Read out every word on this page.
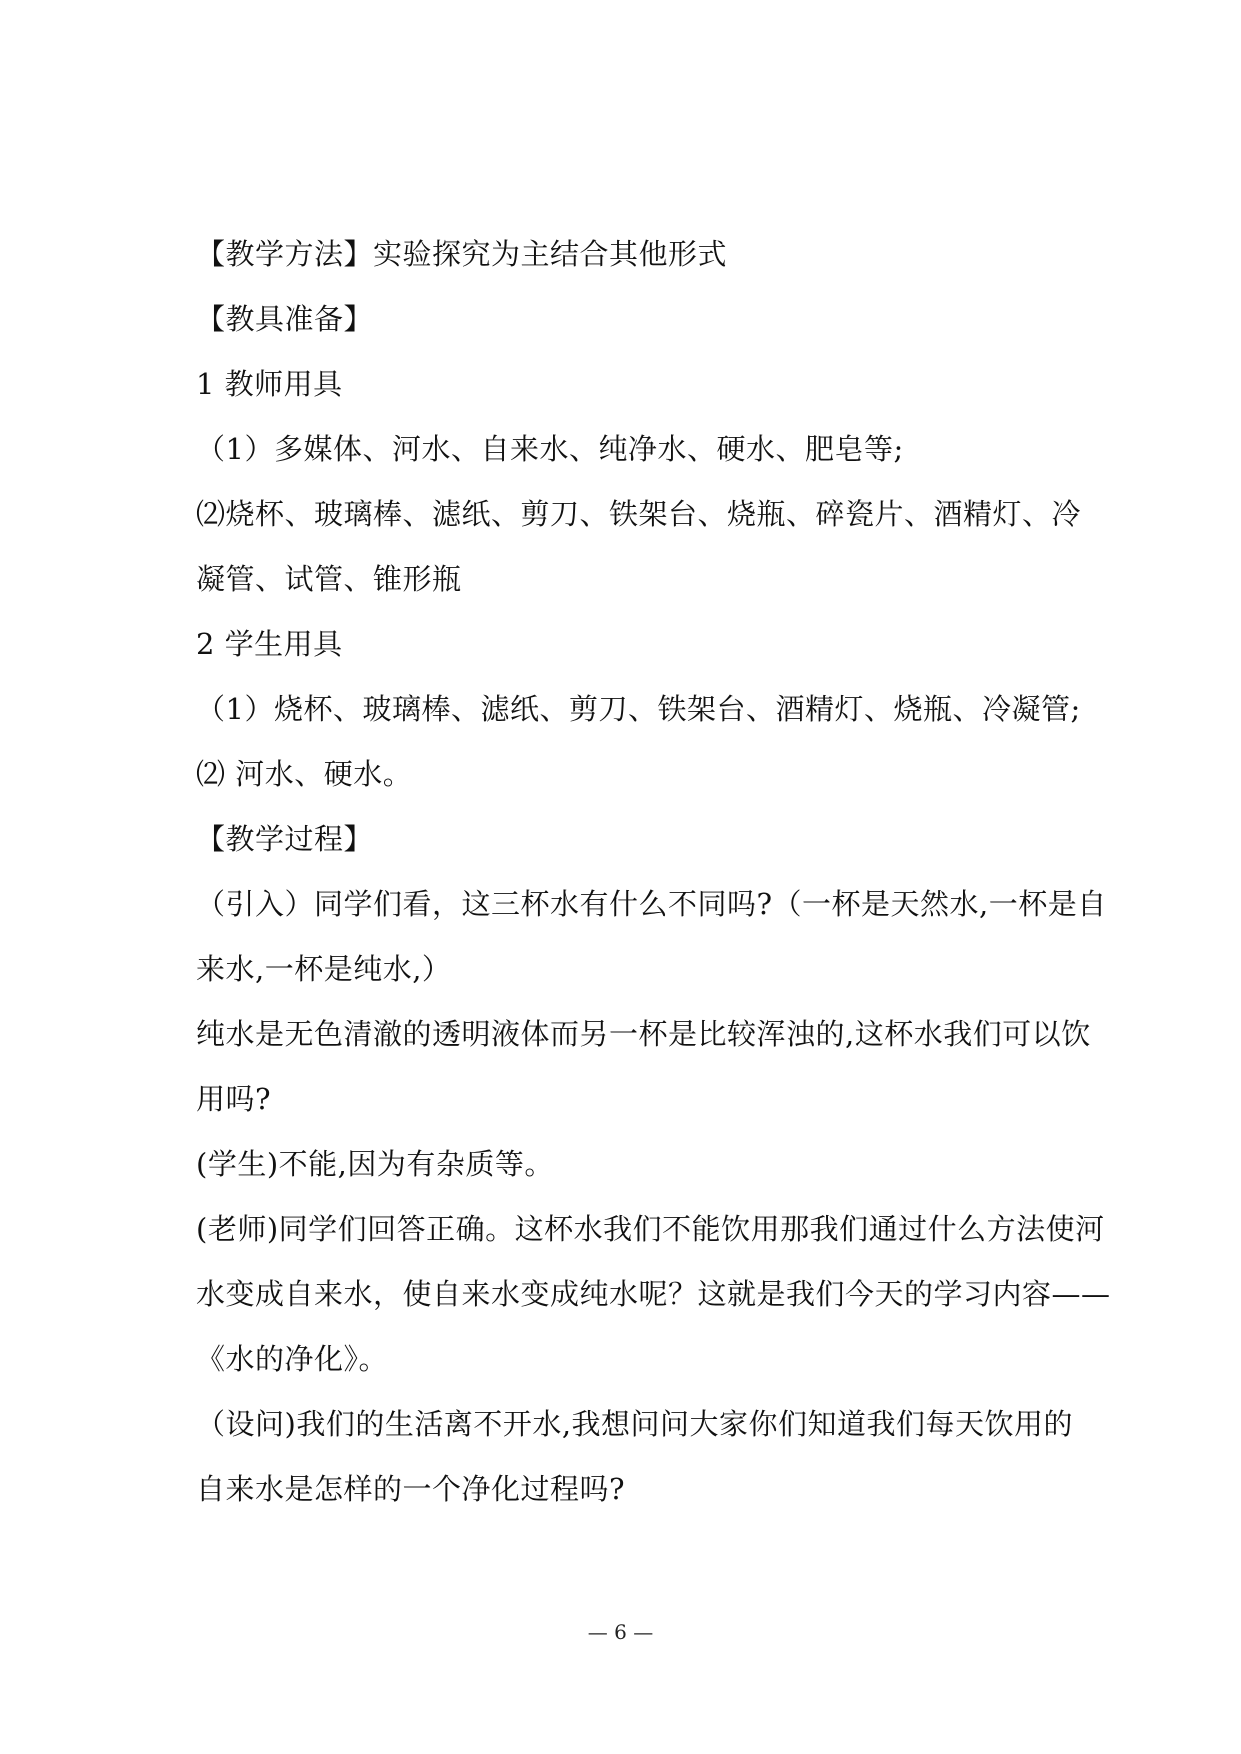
【教学方法】实验探究为主结合其他形式
【教具准备】
1 教师用具
（1）多媒体、河水、自来水、纯净水、硬水、肥皂等;
⑵烧杯、玻璃棒、滤纸、剪刀、铁架台、烧瓶、碎瓷片、酒精灯、冷
凝管、试管、锥形瓶
2 学生用具
（1）烧杯、玻璃棒、滤纸、剪刀、铁架台、酒精灯、烧瓶、冷凝管;
⑵ 河水、硬水。
【教学过程】
（引入）同学们看，这三杯水有什么不同吗?（一杯是天然水,一杯是自
来水,一杯是纯水,）
纯水是无色清澈的透明液体而另一杯是比较浑浊的,这杯水我们可以饮
用吗?
(学生)不能,因为有杂质等。
(老师)同学们回答正确。这杯水我们不能饮用那我们通过什么方法使河
水变成自来水，使自来水变成纯水呢？这就是我们今天的学习内容——
《水的净化》。
（设问)我们的生活离不开水,我想问问大家你们知道我们每天饮用的
自来水是怎样的一个净化过程吗?
— 6 —
